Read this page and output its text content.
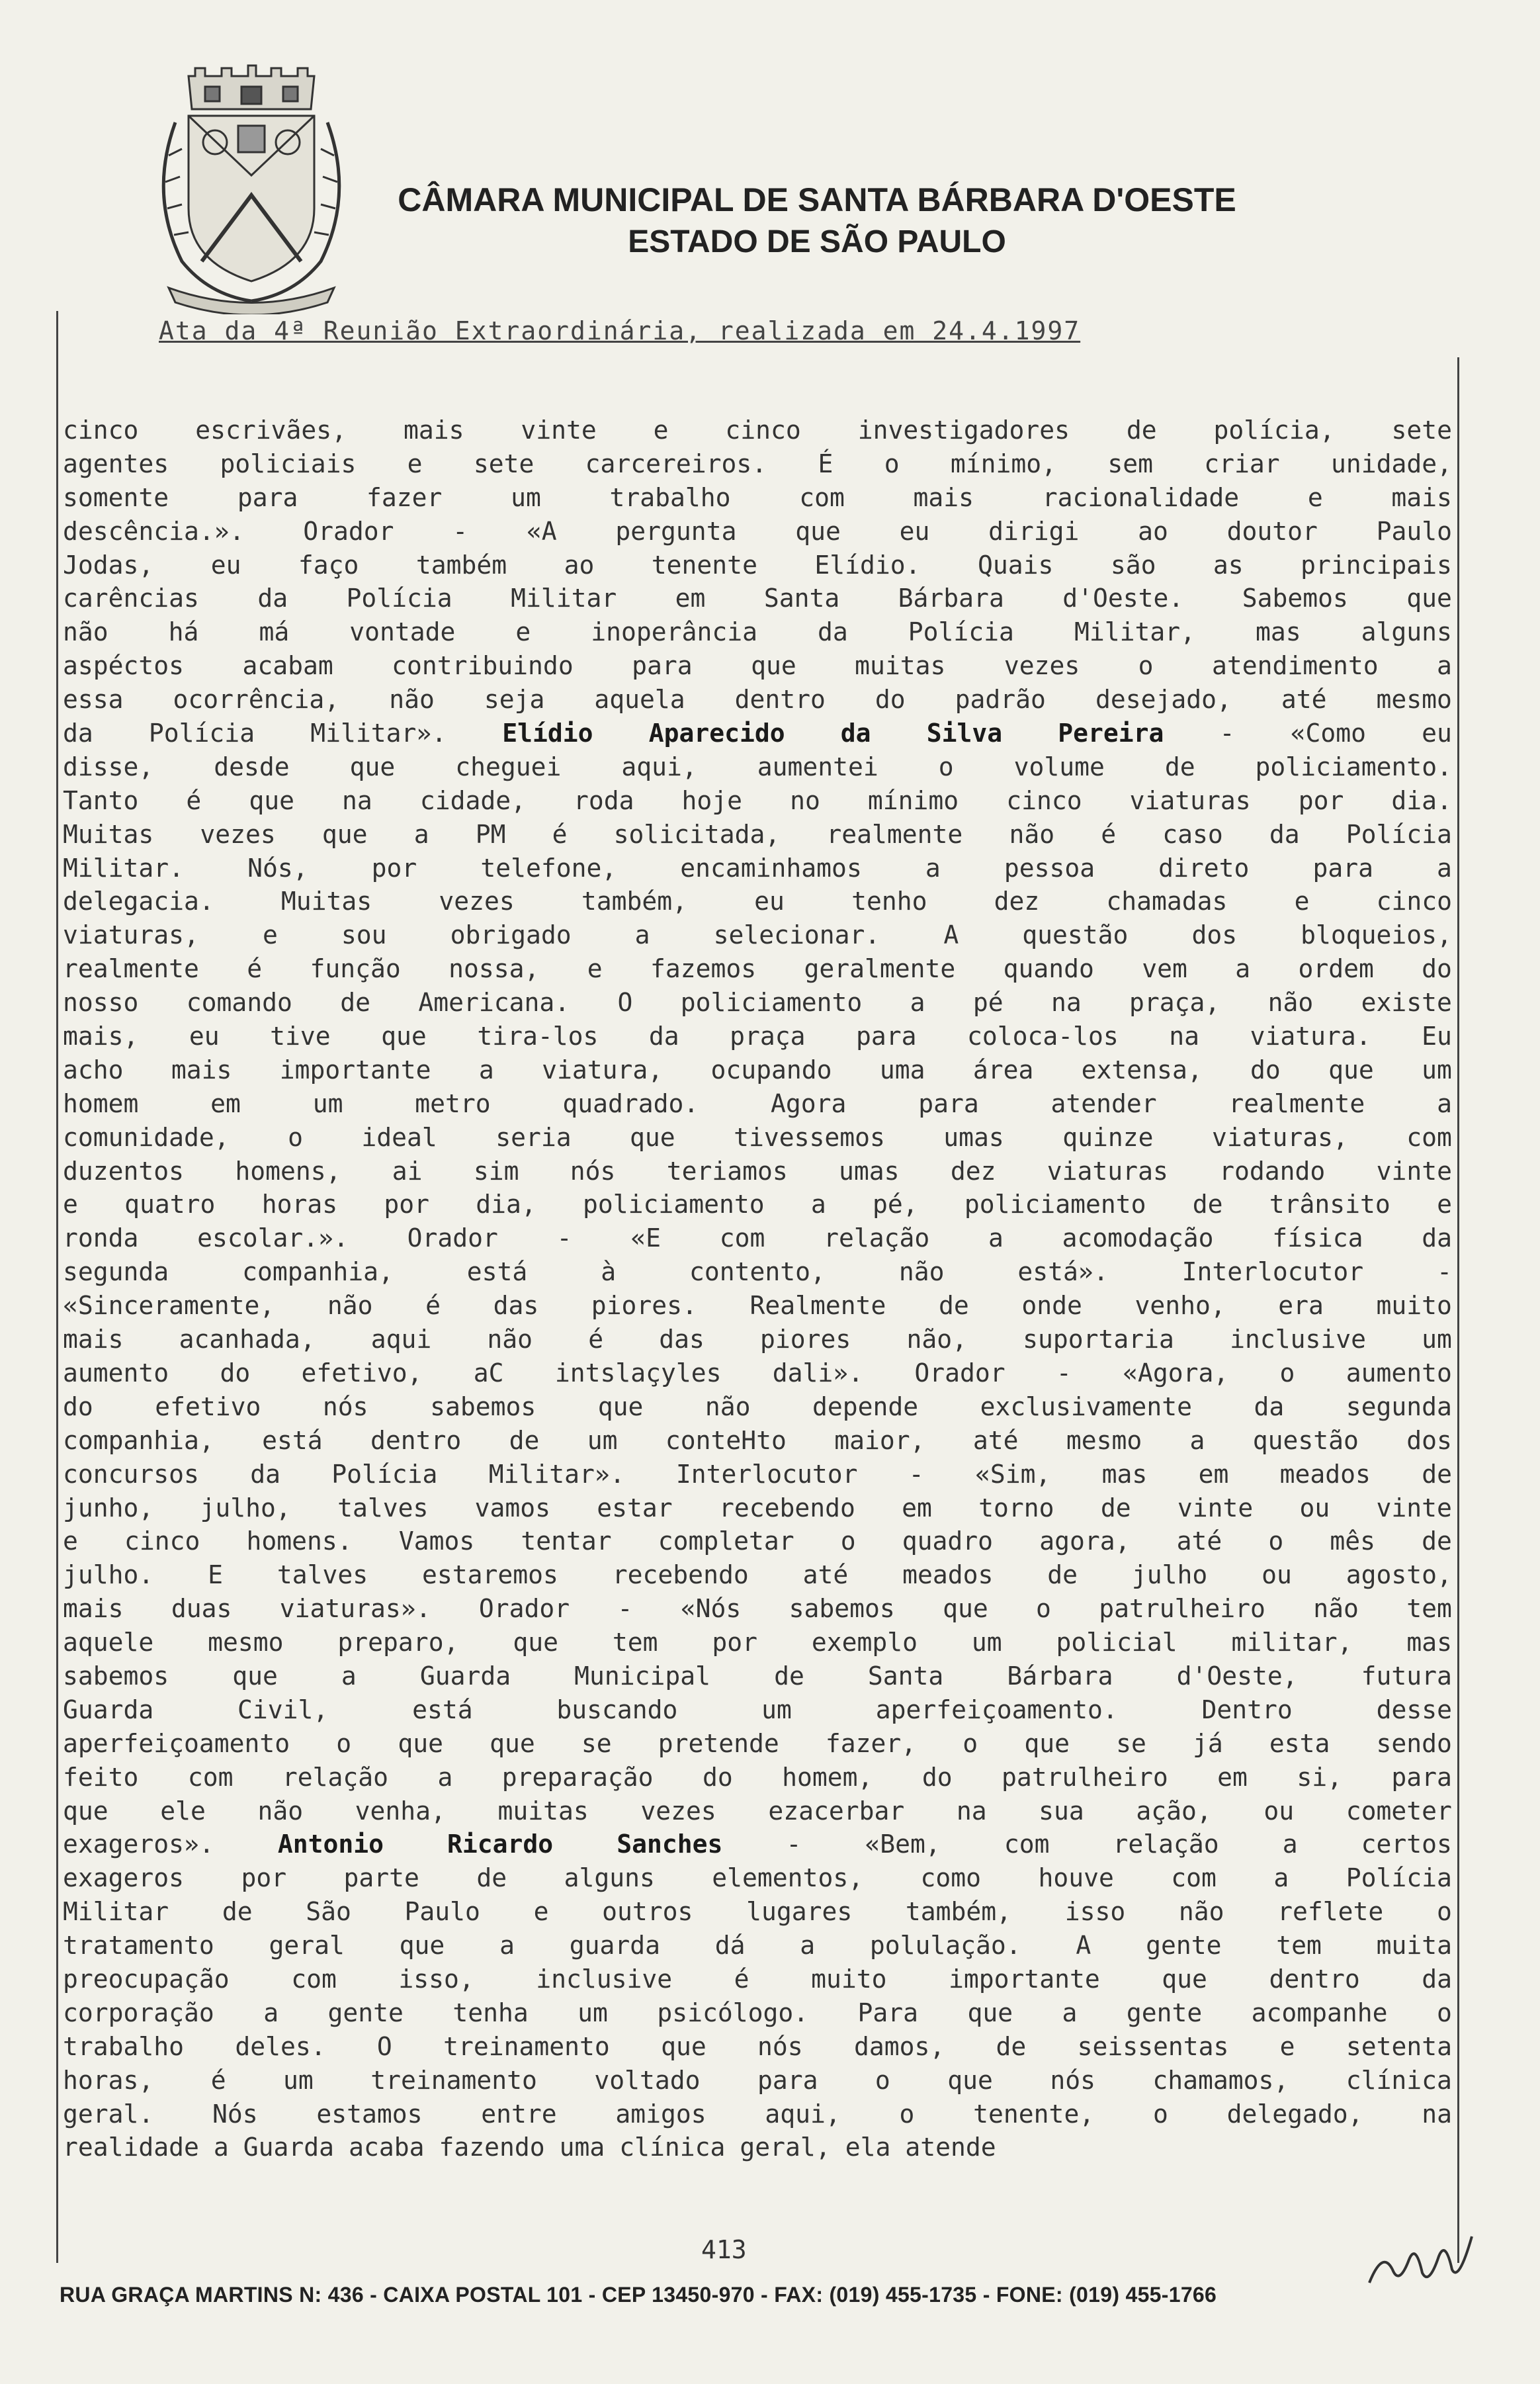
CÂMARA MUNICIPAL DE SANTA BÁRBARA D'OESTE
ESTADO DE SÃO PAULO
Ata da 4ª Reunião Extraordinária, realizada em 24.4.1997
cinco escrivães, mais vinte e cinco investigadores de polícia, sete
agentes policiais e sete carcereiros. É o mínimo, sem criar unidade,
somente	para	fazer	um	trabalho	com	mais	racionalidade	e	mais
descência.». Orador - «A pergunta que eu dirigi ao doutor Paulo
Jodas, eu faço também ao tenente Elídio. Quais são as principais
carências da Polícia Militar em Santa Bárbara d'Oeste. Sabemos que
não há má vontade e inoperância da Polícia Militar, mas alguns
aspéctos acabam contribuindo para que muitas vezes o atendimento a
essa ocorrência, não seja aquela dentro do padrão desejado, até mesmo
da Polícia Militar». Elídio Aparecido da Silva Pereira - «Como eu
disse, desde que cheguei aqui, aumentei o volume de policiamento.
Tanto é que na cidade, roda hoje no mínimo cinco viaturas por dia.
Muitas vezes que a PM é solicitada, realmente não é caso da Polícia
Militar.	Nós,	por	telefone,	encaminhamos	a	pessoa	direto	para	a
delegacia.	Muitas	vezes	também,	eu	tenho	dez	chamadas	e	cinco
viaturas,	e	sou	obrigado	a	selecionar.	A	questão	dos	bloqueios,
realmente é função nossa, e fazemos geralmente quando vem a ordem do
nosso comando de Americana. O policiamento a pé na praça, não existe
mais, eu tive que tira-los da praça para coloca-los na viatura. Eu
acho mais importante a viatura, ocupando uma área extensa, do que um
homem	em	um	metro	quadrado.	Agora	para	atender	realmente	a
comunidade, o ideal seria que tivessemos umas quinze viaturas, com
duzentos homens, ai sim nós teriamos umas dez viaturas rodando vinte
e quatro horas por dia, policiamento a pé, policiamento de trânsito e
ronda escolar.». Orador - «E com relação a acomodação física da
segunda	companhia,	está	à	contento,	não	está».	Interlocutor	-
«Sinceramente, não é das piores. Realmente de onde venho, era muito
mais acanhada, aqui não é das piores não, suportaria inclusive um
aumento do efetivo, aC intslaçyles dali». Orador - «Agora, o aumento
do efetivo nós sabemos que não depende exclusivamente da segunda
companhia, está dentro de um conteHto maior, até mesmo a questão dos
concursos da Polícia Militar». Interlocutor - «Sim, mas em meados de
junho, julho, talves vamos estar recebendo em torno de vinte ou vinte
e cinco homens. Vamos tentar completar o quadro agora, até o mês de
julho. E talves estaremos recebendo até meados de julho ou agosto,
mais duas viaturas». Orador - «Nós sabemos que o patrulheiro não tem
aquele mesmo preparo, que tem por exemplo um policial militar, mas
sabemos	que	a	Guarda	Municipal	de	Santa	Bárbara	d'Oeste,	futura
Guarda	Civil,	está	buscando	um	aperfeiçoamento.	Dentro	desse
aperfeiçoamento o que que se pretende fazer, o que se já esta sendo
feito com relação a preparação do homem, do patrulheiro em si, para
que ele não venha, muitas vezes ezacerbar na sua ação, ou cometer
exageros».	Antonio	Ricardo	Sanches	-	«Bem,	com	relação	a	certos
exageros por parte de alguns elementos, como houve com a Polícia
Militar de São Paulo e outros lugares também, isso não reflete o
tratamento geral que a guarda dá a polulação. A gente tem muita
preocupação com isso, inclusive é muito importante que dentro da
corporação a gente tenha um psicólogo. Para que a gente acompanhe o
trabalho deles. O treinamento que nós damos, de seissentas e setenta
horas, é um treinamento voltado para o que nós chamamos, clínica
geral. Nós estamos entre amigos aqui, o tenente, o delegado, na
realidade a Guarda acaba fazendo uma clínica geral, ela atende
413
RUA GRAÇA MARTINS N: 436 - CAIXA POSTAL 101 - CEP 13450-970 - FAX: (019) 455-1735 - FONE: (019) 455-1766
